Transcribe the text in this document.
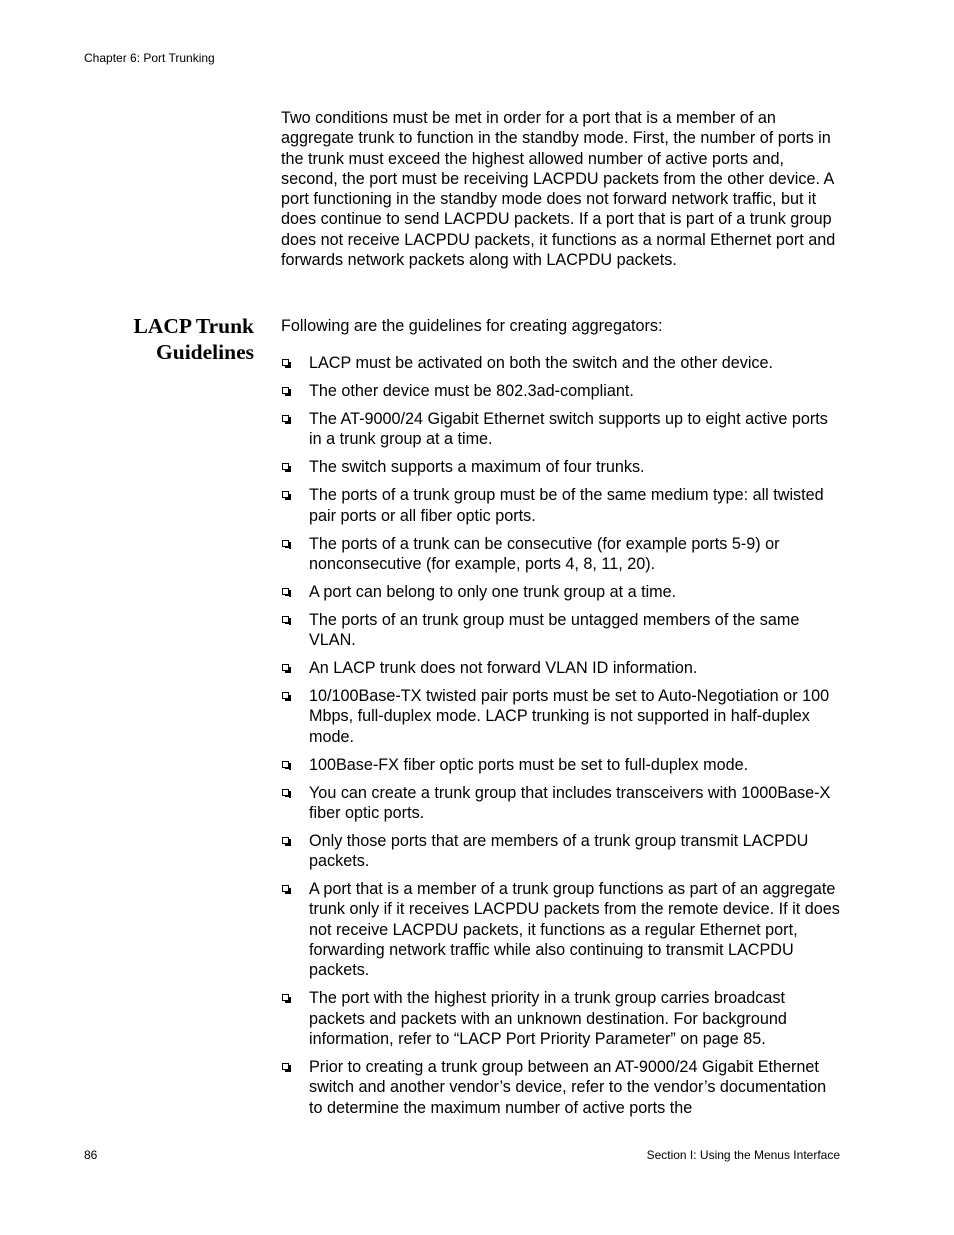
Chapter 6: Port Trunking

Two conditions must be met in order for a port that is a member of an aggregate trunk to function in the standby mode. First, the number of ports in the trunk must exceed the highest allowed number of active ports and, second, the port must be receiving LACPDU packets from the other device. A port functioning in the standby mode does not forward network traffic, but it does continue to send LACPDU packets. If a port that is part of a trunk group does not receive LACPDU packets, it functions as a normal Ethernet port and forwards network packets along with LACPDU packets.

LACP Trunk
Guidelines

Following are the guidelines for creating aggregators:

LACP must be activated on both the switch and the other device.
The other device must be 802.3ad-compliant.
The AT-9000/24 Gigabit Ethernet switch supports up to eight active ports in a trunk group at a time.
The switch supports a maximum of four trunks.
The ports of a trunk group must be of the same medium type: all twisted pair ports or all fiber optic ports.
The ports of a trunk can be consecutive (for example ports 5-9) or nonconsecutive (for example, ports 4, 8, 11, 20).
A port can belong to only one trunk group at a time.
The ports of an trunk group must be untagged members of the same VLAN.
An LACP trunk does not forward VLAN ID information.
10/100Base-TX twisted pair ports must be set to Auto-Negotiation or 100 Mbps, full-duplex mode. LACP trunking is not supported in half-duplex mode.
100Base-FX fiber optic ports must be set to full-duplex mode.
You can create a trunk group that includes transceivers with 1000Base-X fiber optic ports.
Only those ports that are members of a trunk group transmit LACPDU packets.
A port that is a member of a trunk group functions as part of an aggregate trunk only if it receives LACPDU packets from the remote device. If it does not receive LACPDU packets, it functions as a regular Ethernet port, forwarding network traffic while also continuing to transmit LACPDU packets.
The port with the highest priority in a trunk group carries broadcast packets and packets with an unknown destination. For background information, refer to “LACP Port Priority Parameter” on page 85.
Prior to creating a trunk group between an AT-9000/24 Gigabit Ethernet switch and another vendor’s device, refer to the vendor’s documentation to determine the maximum number of active ports the
86	Section I: Using the Menus Interface
